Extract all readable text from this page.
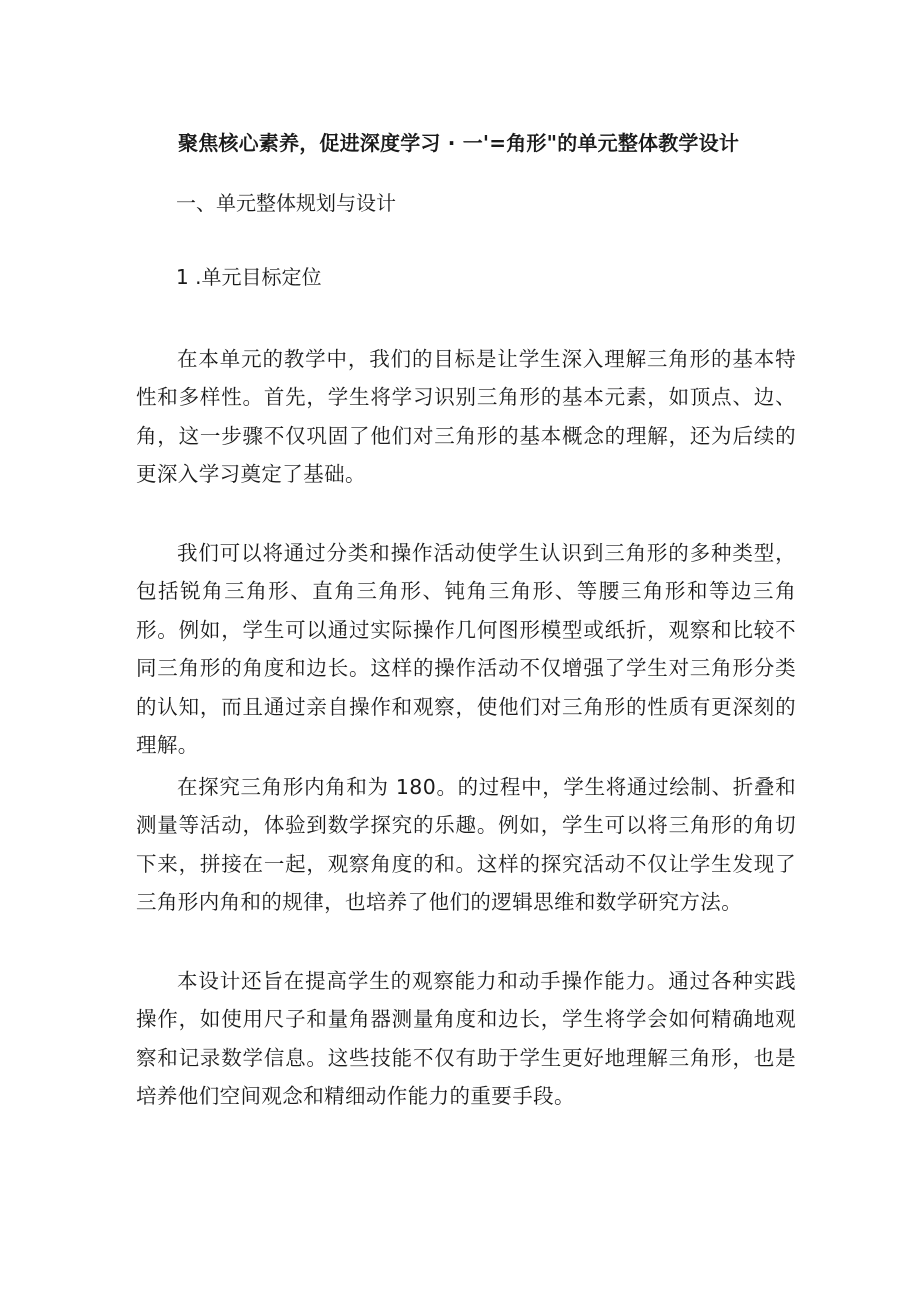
聚焦核心素养，促进深度学习 · 一'=角形"的单元整体教学设计
一、单元整体规划与设计
1 .单元目标定位

在本单元的教学中，我们的目标是让学生深入理解三角形的基本特性和多样性。首先，学生将学习识别三角形的基本元素，如顶点、边、角，这一步骤不仅巩固了他们对三角形的基本概念的理解，还为后续的更深入学习奠定了基础。

我们可以将通过分类和操作活动使学生认识到三角形的多种类型，包括锐角三角形、直角三角形、钝角三角形、等腰三角形和等边三角形。例如，学生可以通过实际操作几何图形模型或纸折，观察和比较不同三角形的角度和边长。这样的操作活动不仅增强了学生对三角形分类的认知，而且通过亲自操作和观察，使他们对三角形的性质有更深刻的理解。

在探究三角形内角和为 180。的过程中，学生将通过绘制、折叠和测量等活动，体验到数学探究的乐趣。例如，学生可以将三角形的角切下来，拼接在一起，观察角度的和。这样的探究活动不仅让学生发现了三角形内角和的规律，也培养了他们的逻辑思维和数学研究方法。

本设计还旨在提高学生的观察能力和动手操作能力。通过各种实践操作，如使用尺子和量角器测量角度和边长，学生将学会如何精确地观察和记录数学信息。这些技能不仅有助于学生更好地理解三角形，也是培养他们空间观念和精细动作能力的重要手段。
